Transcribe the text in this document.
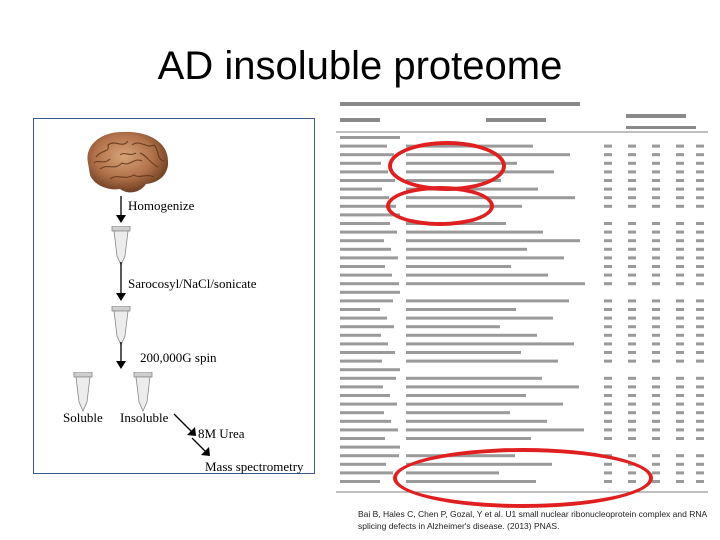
AD insoluble proteome
Homogenize
Sarocosyl/NaCl/sonicate
200,000G spin
Soluble Insoluble
8M Urea
Mass spectrometry
Bai B, Hales C, Chen P, Gozal, Y et al. U1 small nuclear ribonucleoprotein complex and RNA splicing defects in Alzheimer's disease. (2013) PNAS.
